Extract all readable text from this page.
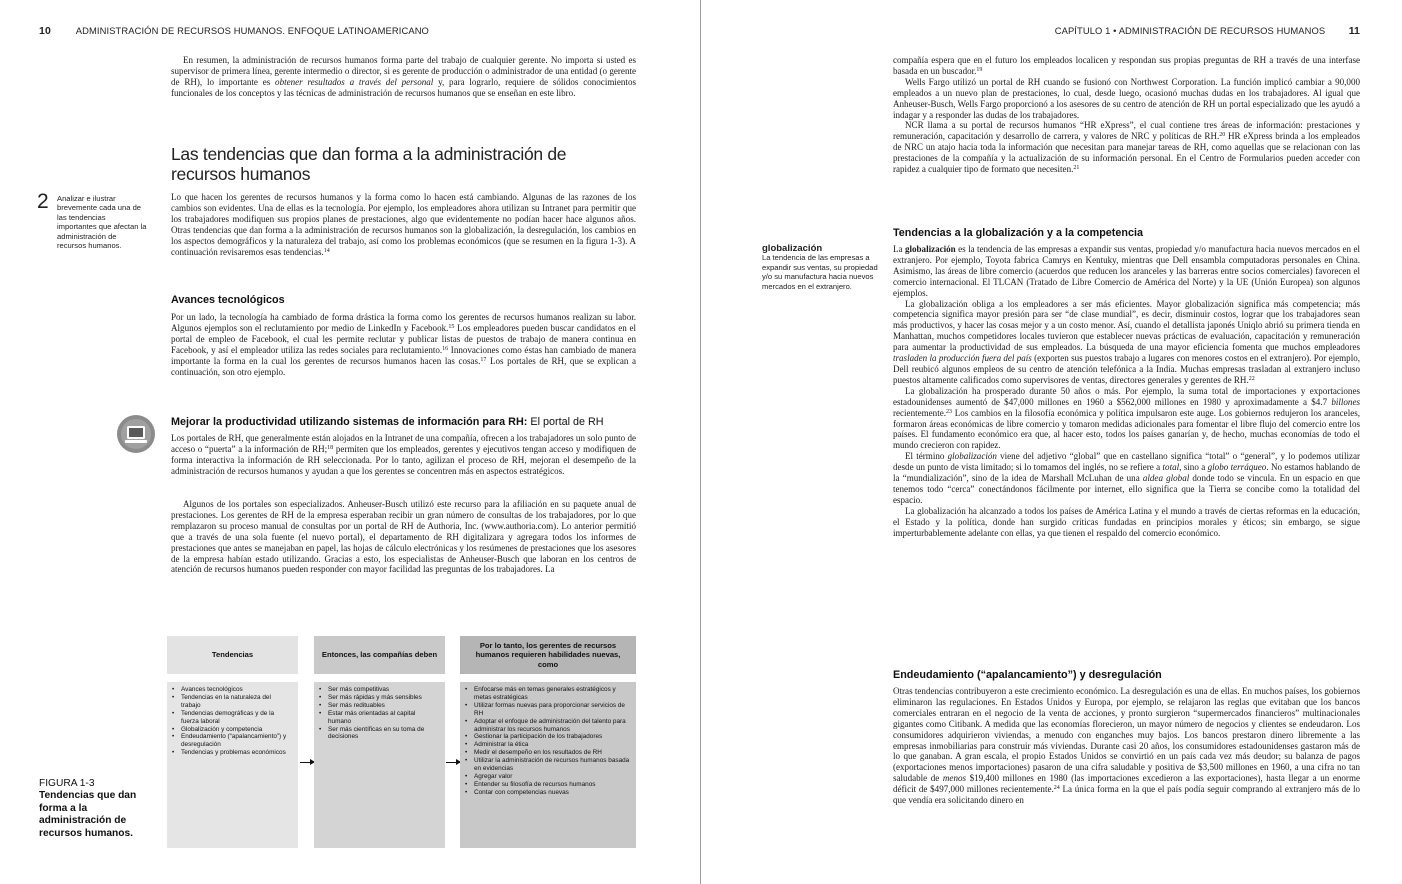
10	ADMINISTRACIÓN DE RECURSOS HUMANOS. ENFOQUE LATINOAMERICANO

En resumen, la administración de recursos humanos forma parte del trabajo de cualquier gerente. No importa si usted es supervisor de primera línea, gerente intermedio o director, si es gerente de producción o administrador de una entidad (o gerente de RH), lo importante es obtener resultados a través del personal y, para lograrlo, requiere de sólidos conocimientos funcionales de los conceptos y las técnicas de administración de recursos humanos que se enseñan en este libro.

Las tendencias que dan forma a la administración de recursos humanos
2 Analizar e ilustrar brevemente cada una de las tendencias importantes que afectan la administración de recursos humanos.

Lo que hacen los gerentes de recursos humanos y la forma como lo hacen está cambiando. Algunas de las razones de los cambios son evidentes. Una de ellas es la tecnología. Por ejemplo, los empleadores ahora utilizan su Intranet para permitir que los trabajadores modifiquen sus propios planes de prestaciones, algo que evidentemente no podían hacer hace algunos años. Otras tendencias que dan forma a la administración de recursos humanos son la globalización, la desregulación, los cambios en los aspectos demográficos y la naturaleza del trabajo, así como los problemas económicos (que se resumen en la figura 1-3). A continuación revisaremos esas tendencias.$^{14}$

Avances tecnológicos

Por un lado, la tecnología ha cambiado de forma drástica la forma como los gerentes de recursos humanos realizan su labor. Algunos ejemplos son el reclutamiento por medio de LinkedIn y Facebook.$^{15}$ Los empleadores pueden buscar candidatos en el portal de empleo de Facebook, el cual les permite reclutar y publicar listas de puestos de trabajo de manera continua en Facebook, y así el empleador utiliza las redes sociales para reclutamiento.$^{16}$ Innovaciones como éstas han cambiado de manera importante la forma en la cual los gerentes de recursos humanos hacen las cosas.$^{17}$ Los portales de RH, que se explican a continuación, son otro ejemplo.

Mejorar la productividad utilizando sistemas de información para RH: El portal de RH

Los portales de RH, que generalmente están alojados en la Intranet de una compañía, ofrecen a los trabajadores un solo punto de acceso o “puerta” a la información de RH;$^{18}$ permiten que los empleados, gerentes y ejecutivos tengan acceso y modifiquen de forma interactiva la información de RH seleccionada. Por lo tanto, agilizan el proceso de RH, mejoran el desempeño de la administración de recursos humanos y ayudan a que los gerentes se concentren más en aspectos estratégicos.

Algunos de los portales son especializados. Anheuser-Busch utilizó este recurso para la afiliación en su paquete anual de prestaciones. Los gerentes de RH de la empresa esperaban recibir un gran número de consultas de los trabajadores, por lo que remplazaron su proceso manual de consultas por un portal de RH de Authoria, Inc. (www.authoria.com). Lo anterior permitió que a través de una sola fuente (el nuevo portal), el departamento de RH digitalizara y agregara todos los informes de prestaciones que antes se manejaban en papel, las hojas de cálculo electrónicas y los resúmenes de prestaciones que los asesores de la empresa habían estado utilizando. Gracias a esto, los especialistas de Anheuser-Busch que laboran en los centros de atención de recursos humanos pueden responder con mayor facilidad las preguntas de los trabajadores. La

Tendencias
• Avances tecnológicos
• Tendencias en la naturaleza del trabajo
• Tendencias demográficas y de la fuerza laboral
• Globalización y competencia
• Endeudamiento (“apalancamiento”) y desregulación
• Tendencias y problemas económicos
Entonces, las compañías deben
• Ser más competitivas
• Ser más rápidas y más sensibles
• Ser más redituables
• Estar más orientadas al capital humano
• Ser más científicas en su toma de decisiones
Por lo tanto, los gerentes de recursos humanos requieren habilidades nuevas, como
• Enfocarse más en temas generales estratégicos y metas estratégicas
• Utilizar formas nuevas para proporcionar servicios de RH
• Adoptar el enfoque de administración del talento para administrar los recursos humanos
• Gestionar la participación de los trabajadores
• Administrar la ética
• Medir el desempeño en los resultados de RH
• Utilizar la administración de recursos humanos basada en evidencias
• Agregar valor
• Entender su filosofía de recursos humanos
• Contar con competencias nuevas
FIGURA 1-3
Tendencias que dan forma a la administración de recursos humanos.
CAPÍTULO 1 • ADMINISTRACIÓN DE RECURSOS HUMANOS 11

compañía espera que en el futuro los empleados localicen y respondan sus propias preguntas de RH a través de una interfase basada en un buscador.$^{19}$

Wells Fargo utilizó un portal de RH cuando se fusionó con Northwest Corporation. La función implicó cambiar a 90,000 empleados a un nuevo plan de prestaciones, lo cual, desde luego, ocasionó muchas dudas en los trabajadores. Al igual que Anheuser-Busch, Wells Fargo proporcionó a los asesores de su centro de atención de RH un portal especializado que les ayudó a indagar y a responder las dudas de los trabajadores.

NCR llama a su portal de recursos humanos “HR eXpress”, el cual contiene tres áreas de información: prestaciones y remuneración, capacitación y desarrollo de carrera, y valores de NRC y políticas de RH.$^{20}$ HR eXpress brinda a los empleados de NRC un atajo hacia toda la información que necesitan para manejar tareas de RH, como aquellas que se relacionan con las prestaciones de la compañía y la actualización de su información personal. En el Centro de Formularios pueden acceder con rapidez a cualquier tipo de formato que necesiten.$^{21}$

Tendencias a la globalización y a la competencia
globalización
La tendencia de las empresas a expandir sus ventas, su propiedad y/o su manufactura hacia nuevos mercados en el extranjero.

La globalización es la tendencia de las empresas a expandir sus ventas, propiedad y/o manufactura hacia nuevos mercados en el extranjero. Por ejemplo, Toyota fabrica Camrys en Kentuky, mientras que Dell ensambla computadoras personales en China. Asimismo, las áreas de libre comercio (acuerdos que reducen los aranceles y las barreras entre socios comerciales) favorecen el comercio internacional. El TLCAN (Tratado de Libre Comercio de América del Norte) y la UE (Unión Europea) son algunos ejemplos.

La globalización obliga a los empleadores a ser más eficientes. Mayor globalización significa más competencia; más competencia significa mayor presión para ser “de clase mundial”, es decir, disminuir costos, lograr que los trabajadores sean más productivos, y hacer las cosas mejor y a un costo menor. Así, cuando el detallista japonés Uniqlo abrió su primera tienda en Manhattan, muchos competidores locales tuvieron que establecer nuevas prácticas de evaluación, capacitación y remuneración para aumentar la productividad de sus empleados. La búsqueda de una mayor eficiencia fomenta que muchos empleadores trasladen la producción fuera del país (exporten sus puestos trabajo a lugares con menores costos en el extranjero). Por ejemplo, Dell reubicó algunos empleos de su centro de atención telefónica a la India. Muchas empresas trasladan al extranjero incluso puestos altamente calificados como supervisores de ventas, directores generales y gerentes de RH.$^{22}$

La globalización ha prosperado durante 50 años o más. Por ejemplo, la suma total de importaciones y exportaciones estadounidenses aumentó de $47,000 millones en 1960 a $562,000 millones en 1980 y aproximadamente a $4.7 billones recientemente.$^{23}$ Los cambios en la filosofía económica y política impulsaron este auge. Los gobiernos redujeron los aranceles, formaron áreas económicas de libre comercio y tomaron medidas adicionales para fomentar el libre flujo del comercio entre los países. El fundamento económico era que, al hacer esto, todos los países ganarían y, de hecho, muchas economías de todo el mundo crecieron con rapidez.

El término globalización viene del adjetivo “global” que en castellano significa “total” o “general”, y lo podemos utilizar desde un punto de vista limitado; si lo tomamos del inglés, no se refiere a total, sino a globo terráqueo. No estamos hablando de la “mundialización”, sino de la idea de Marshall McLuhan de una aldea global donde todo se vincula. En un espacio en que tenemos todo “cerca” conectándonos fácilmente por internet, ello significa que la Tierra se concibe como la totalidad del espacio.

La globalización ha alcanzado a todos los países de América Latina y el mundo a través de ciertas reformas en la educación, el Estado y la política, donde han surgido críticas fundadas en principios morales y éticos; sin embargo, se sigue imperturbablemente adelante con ellas, ya que tienen el respaldo del comercio económico.

Endeudamiento (“apalancamiento”) y desregulación

Otras tendencias contribuyeron a este crecimiento económico. La desregulación es una de ellas. En muchos países, los gobiernos eliminaron las regulaciones. En Estados Unidos y Europa, por ejemplo, se relajaron las reglas que evitaban que los bancos comerciales entraran en el negocio de la venta de acciones, y pronto surgieron “supermercados financieros” multinacionales gigantes como Citibank. A medida que las economías florecieron, un mayor número de negocios y clientes se endeudaron. Los consumidores adquirieron viviendas, a menudo con enganches muy bajos. Los bancos prestaron dinero libremente a las empresas inmobiliarias para construir más viviendas. Durante casi 20 años, los consumidores estadounidenses gastaron más de lo que ganaban. A gran escala, el propio Estados Unidos se convirtió en un país cada vez más deudor; su balanza de pagos (exportaciones menos importaciones) pasaron de una cifra saludable y positiva de $3,500 millones en 1960, a una cifra no tan saludable de menos $19,400 millones en 1980 (las importaciones excedieron a las exportaciones), hasta llegar a un enorme déficit de $497,000 millones recientemente.$^{24}$ La única forma en la que el país podía seguir comprando al extranjero más de lo que vendía era solicitando dinero en
